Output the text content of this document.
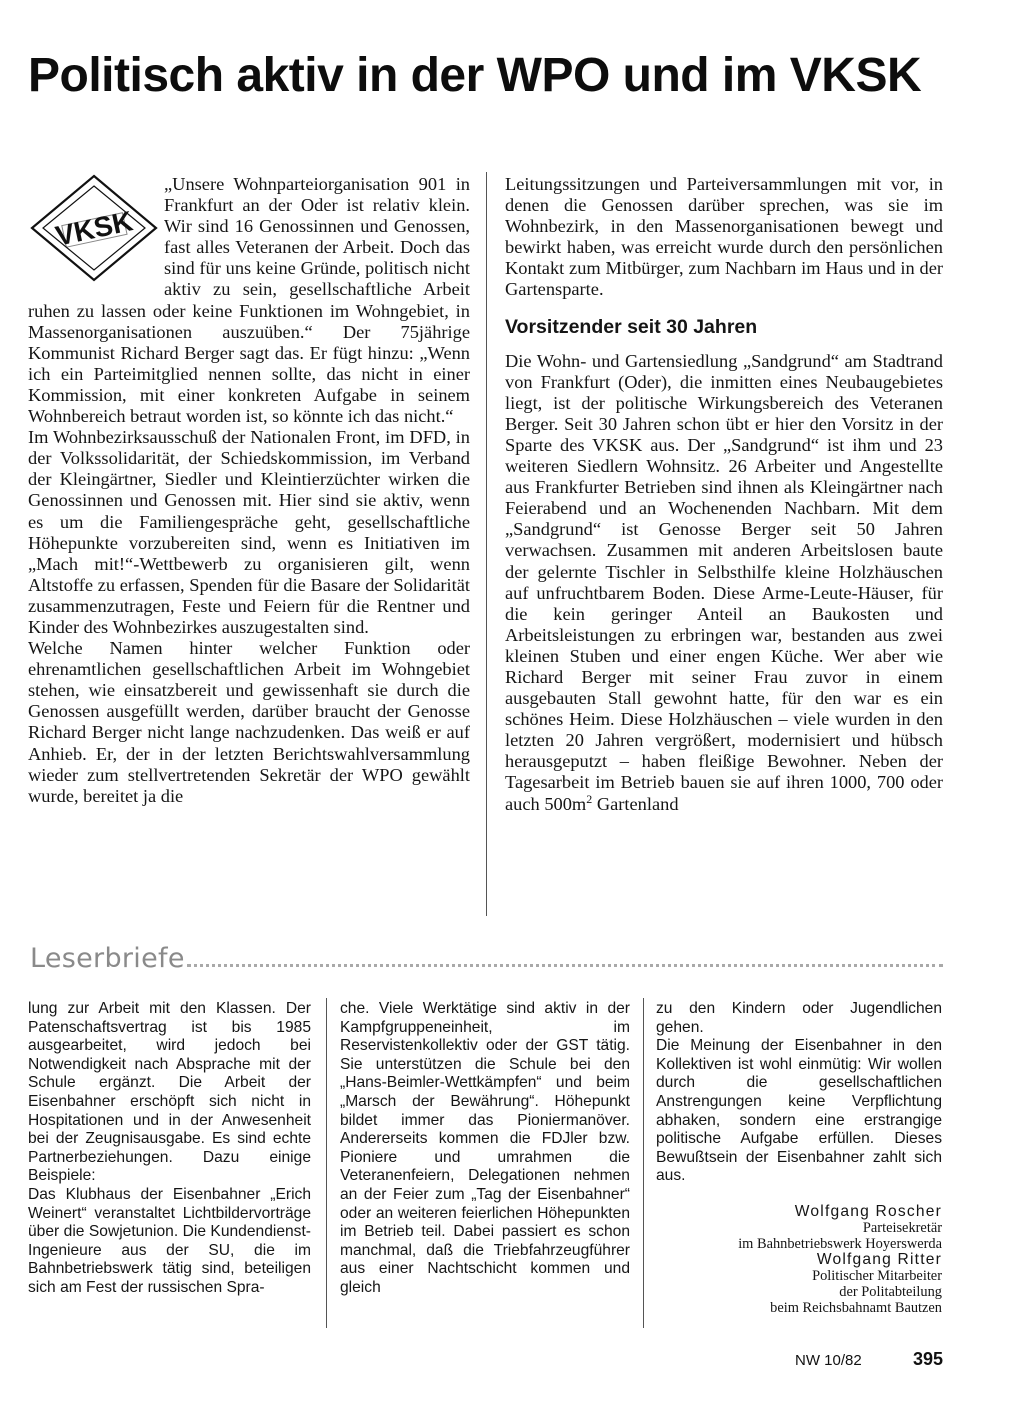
Politisch aktiv in der WPO und im VKSK
VKSK

„Unsere Wohnparteiorganisation 901 in Frankfurt an der Oder ist relativ klein. Wir sind 16 Genossinnen und Genossen, fast alles Veteranen der Arbeit. Doch das sind für uns keine Gründe, politisch nicht aktiv zu sein, gesellschaftliche Arbeit ruhen zu lassen oder keine Funktionen im Wohngebiet, in Massenorganisationen auszuüben.“ Der 75jährige Kommunist Richard Berger sagt das. Er fügt hinzu: „Wenn ich ein Parteimitglied nennen sollte, das nicht in einer Kommission, mit einer konkreten Aufgabe in seinem Wohnbereich betraut worden ist, so könnte ich das nicht.“

Im Wohnbezirksausschuß der Nationalen Front, im DFD, in der Volkssolidarität, der Schiedskommission, im Verband der Kleingärtner, Siedler und Kleintierzüchter wirken die Genossinnen und Genossen mit. Hier sind sie aktiv, wenn es um die Familiengespräche geht, gesellschaftliche Höhepunkte vorzubereiten sind, wenn es Initiativen im „Mach mit!“-Wettbewerb zu organisieren gilt, wenn Altstoffe zu erfassen, Spenden für die Basare der Solidarität zusammenzutragen, Feste und Feiern für die Rentner und Kinder des Wohnbezirkes auszugestalten sind.

Welche Namen hinter welcher Funktion oder ehrenamtlichen gesellschaftlichen Arbeit im Wohngebiet stehen, wie einsatzbereit und gewissenhaft sie durch die Genossen ausgefüllt werden, darüber braucht der Genosse Richard Berger nicht lange nachzudenken. Das weiß er auf Anhieb. Er, der in der letzten Berichtswahlversammlung wieder zum stellvertretenden Sekretär der WPO gewählt wurde, bereitet ja die

Leitungssitzungen und Parteiversammlungen mit vor, in denen die Genossen darüber sprechen, was sie im Wohnbezirk, in den Massenorganisationen bewegt und bewirkt haben, was erreicht wurde durch den persönlichen Kontakt zum Mitbürger, zum Nachbarn im Haus und in der Gartensparte.

Vorsitzender seit 30 Jahren

Die Wohn- und Gartensiedlung „Sandgrund“ am Stadtrand von Frankfurt (Oder), die inmitten eines Neubaugebietes liegt, ist der politische Wirkungsbereich des Veteranen Berger. Seit 30 Jahren schon übt er hier den Vorsitz in der Sparte des VKSK aus. Der „Sandgrund“ ist ihm und 23 weiteren Siedlern Wohnsitz. 26 Arbeiter und Angestellte aus Frankfurter Betrieben sind ihnen als Kleingärtner nach Feierabend und an Wochenenden Nachbarn. Mit dem „Sandgrund“ ist Genosse Berger seit 50 Jahren verwachsen. Zusammen mit anderen Arbeitslosen baute der gelernte Tischler in Selbsthilfe kleine Holzhäuschen auf unfruchtbarem Boden. Diese Arme-Leute-Häuser, für die kein geringer Anteil an Baukosten und Arbeitsleistungen zu erbringen war, bestanden aus zwei kleinen Stuben und einer engen Küche. Wer aber wie Richard Berger mit seiner Frau zuvor in einem ausgebauten Stall gewohnt hatte, für den war es ein schönes Heim. Diese Holzhäuschen – viele wurden in den letzten 20 Jahren vergrößert, modernisiert und hübsch herausgeputzt – haben fleißige Bewohner. Neben der Tagesarbeit im Betrieb bauen sie auf ihren 1000, 700 oder auch $500m^2$ Gartenland

Leserbriefe

lung zur Arbeit mit den Klassen. Der Patenschaftsvertrag ist bis 1985 ausgearbeitet, wird jedoch bei Notwendigkeit nach Absprache mit der Schule ergänzt. Die Arbeit der Eisenbahner erschöpft sich nicht in Hospitationen und in der Anwesenheit bei der Zeugnisausgabe. Es sind echte Partnerbeziehungen. Dazu einige Beispiele:

Das Klubhaus der Eisenbahner „Erich Weinert“ veranstaltet Lichtbildervorträge über die Sowjetunion. Die Kundendienst-Ingenieure aus der SU, die im Bahnbetriebswerk tätig sind, beteiligen sich am Fest der russischen Spra-

che. Viele Werktätige sind aktiv in der Kampfgruppeneinheit, im Reservistenkollektiv oder der GST tätig. Sie unterstützen die Schule bei den „Hans-Beimler-Wettkämpfen“ und beim „Marsch der Bewährung“. Höhepunkt bildet immer das Pioniermanöver. Andererseits kommen die FDJler bzw. Pioniere und umrahmen die Veteranenfeiern, Delegationen nehmen an der Feier zum „Tag der Eisenbahner“ oder an weiteren feierlichen Höhepunkten im Betrieb teil. Dabei passiert es schon manchmal, daß die Triebfahrzeugführer aus einer Nachtschicht kommen und gleich

zu den Kindern oder Jugendlichen gehen.

Die Meinung der Eisenbahner in den Kollektiven ist wohl einmütig: Wir wollen durch die gesellschaftlichen Anstrengungen keine Verpflichtung abhaken, sondern eine erstrangige politische Aufgabe erfüllen. Dieses Bewußtsein der Eisenbahner zahlt sich aus.

Wolfgang Roscher
Parteisekretär
im Bahnbetriebswerk Hoyerswerda
Wolfgang Ritter
Politischer Mitarbeiter
der Politabteilung
beim Reichsbahnamt Bautzen
NW 10/82	395
